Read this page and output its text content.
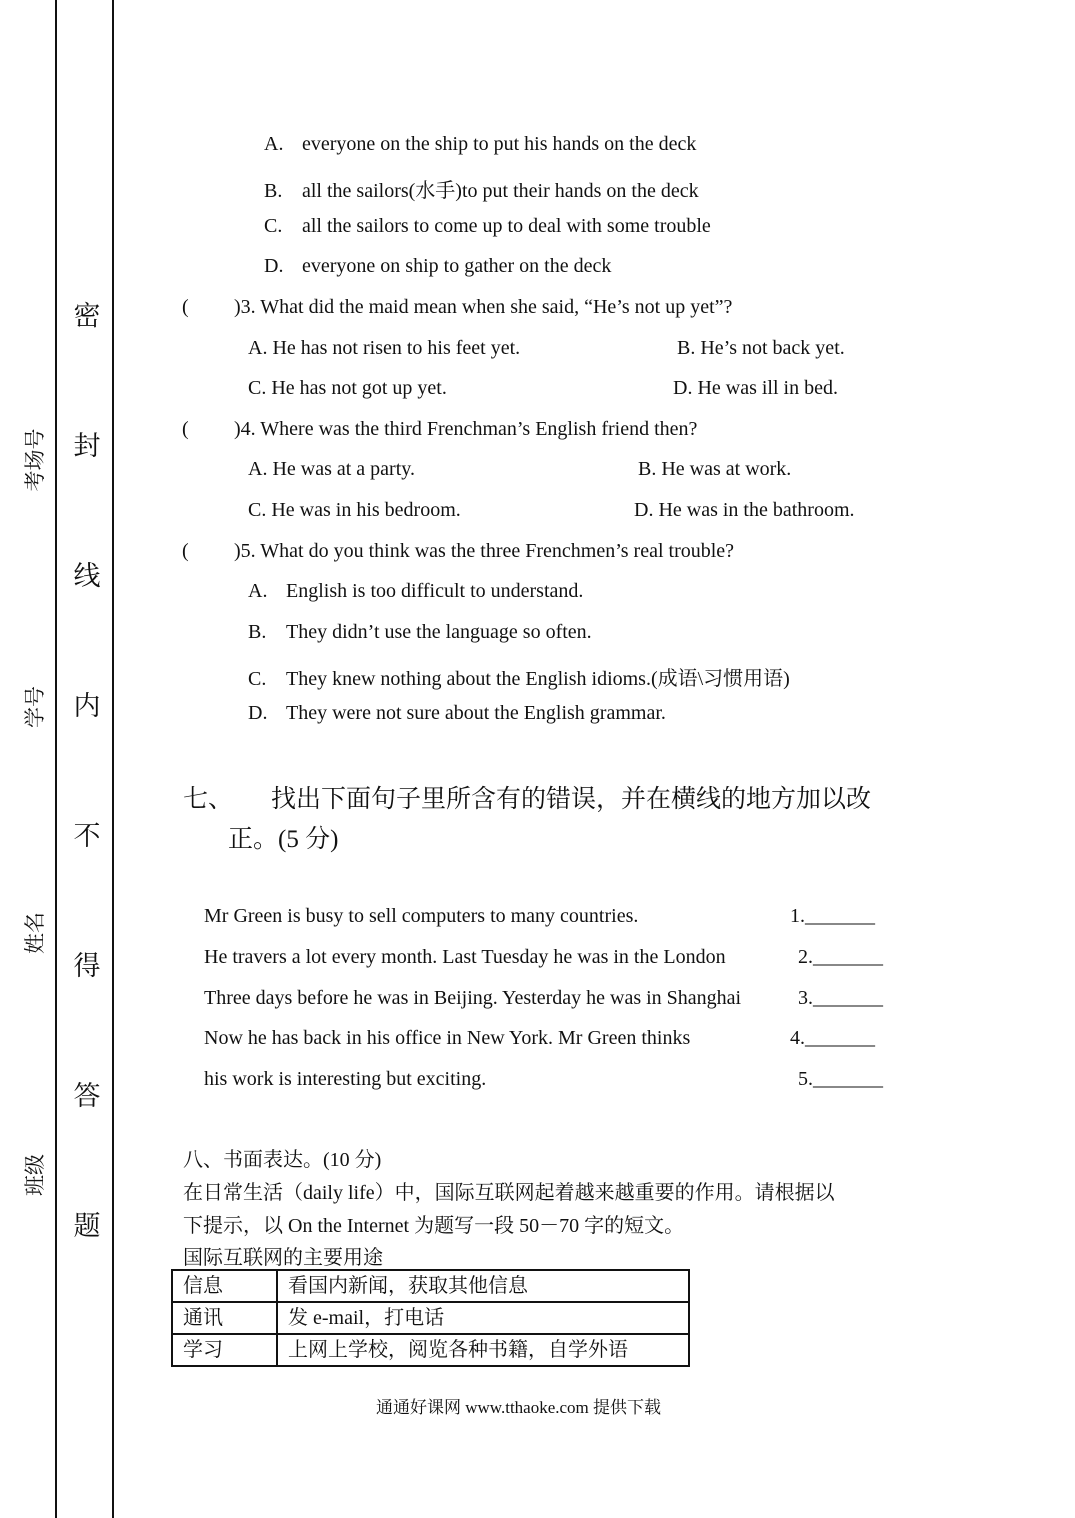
考场号
学号
姓名
班级
密
封
线
内
不
得
答
题
A. everyone on the ship to put his hands on the deck
B. all the sailors(水手)to put their hands on the deck
C. all the sailors to come up to deal with some trouble
D. everyone on ship to gather on the deck
( )3. What did the maid mean when she said, “He’s not up yet”?
A. He has not risen to his feet yet.	B. He’s not back yet.
C. He has not got up yet.	D. He was ill in bed.
( )4. Where was the third Frenchman’s English friend then?
A. He was at a party.	B. He was at work.
C. He was in his bedroom.	D. He was in the bathroom.
( )5. What do you think was the three Frenchmen’s real trouble?
A. English is too difficult to understand.
B. They didn’t use the language so often.
C. They knew nothing about the English idioms.(成语\习惯用语)
D. They were not sure about the English grammar.
七、 找出下面句子里所含有的错误，并在横线的地方加以改
正。(5 分)
Mr Green is busy to sell computers to many countries.	1._______
He travers a lot every month. Last Tuesday he was in the London	2._______
Three days before he was in Beijing. Yesterday he was in Shanghai	3._______
Now he has back in his office in New York. Mr Green thinks	4._______
his work is interesting but exciting.	5._______
八、书面表达。(10 分)
在日常生活（daily life）中，国际互联网起着越来越重要的作用。请根据以
下提示，以 On the Internet 为题写一段 50－70 字的短文。
国际互联网的主要用途
信息	看国内新闻，获取其他信息
通讯	发 e-mail，打电话
学习	上网上学校，阅览各种书籍，自学外语
通通好课网 www.tthaoke.com 提供下载
